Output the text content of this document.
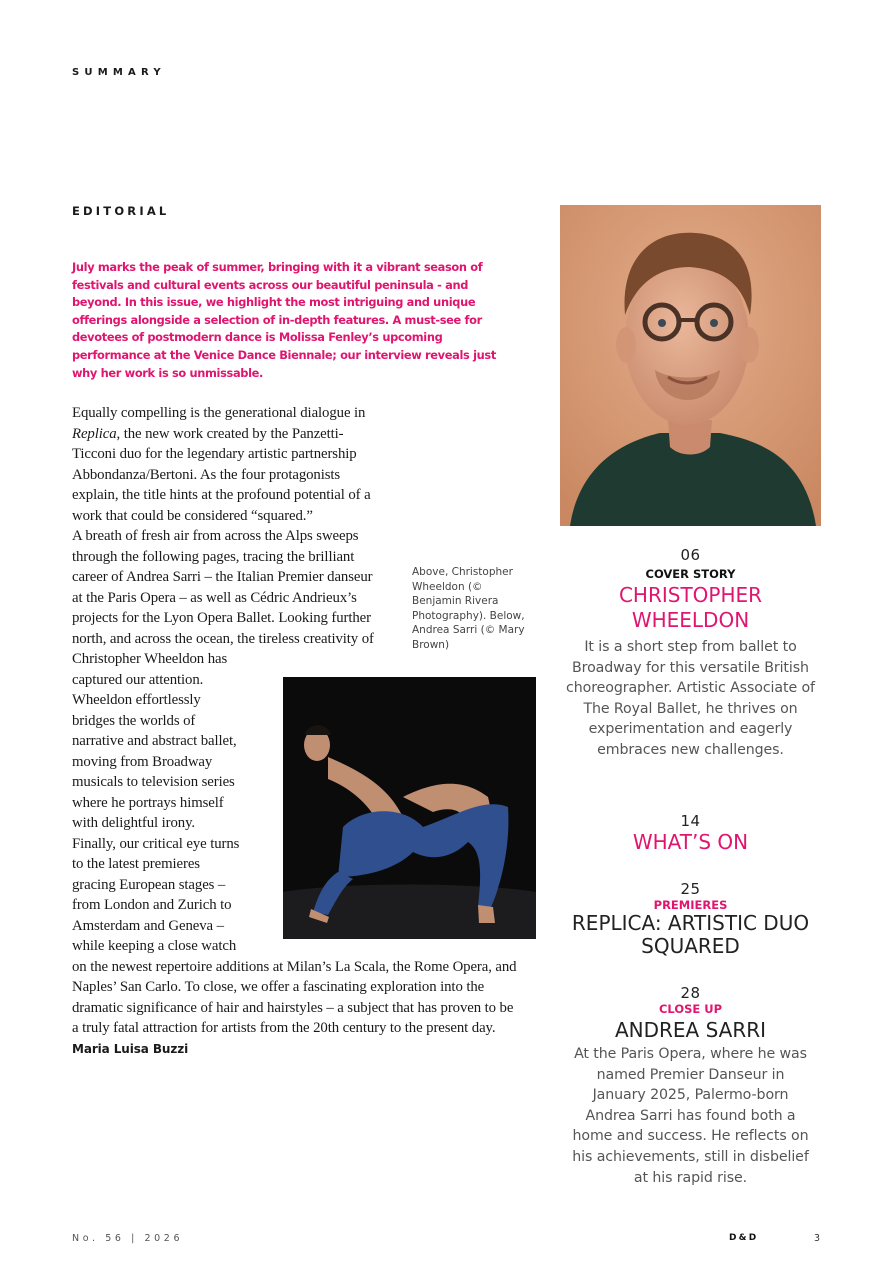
SUMMARY
EDITORIAL
July marks the peak of summer, bringing with it a vibrant season of festivals and cultural events across our beautiful peninsula - and beyond. In this issue, we highlight the most intriguing and unique offerings alongside a selection of in-depth features. A must-see for devotees of postmodern dance is Molissa Fenley’s upcoming performance at the Venice Dance Biennale; our interview reveals just why her work is so unmissable.

Equally compelling is the generational dialogue in Replica, the new work created by the Panzetti-Ticconi duo for the legendary artistic partnership Abbondanza/Bertoni. As the four protagonists explain, the title hints at the profound potential of a work that could be considered “squared.”

A breath of fresh air from across the Alps sweeps through the following pages, tracing the brilliant career of Andrea Sarri – the Italian Premier danseur at the Paris Opera – as well as Cédric Andrieux’s projects for the Lyon Opera Ballet. Looking further north, and across the ocean, the tireless creativity of Christopher Wheeldon has captured our attention.

Wheeldon effortlessly bridges the worlds of narrative and abstract ballet, moving from Broadway musicals to television series where he portrays himself with delightful irony.

Finally, our critical eye turns to the latest premieres gracing European stages – from London and Zurich to Amsterdam and Geneva – while keeping a close watch on the newest repertoire additions at Milan’s La Scala, the Rome Opera, and Naples’ San Carlo. To close, we offer a fascinating exploration into the dramatic significance of hair and hairstyles – a subject that has proven to be a truly fatal attraction for artists from the 20th century to the present day. Maria Luisa Buzzi

Above, Christopher Wheeldon (© Benjamin Rivera Photography). Below, Andrea Sarri (© Mary Brown)
06
COVER STORY
CHRISTOPHER
WHEELDON
It is a short step from ballet to Broadway for this versatile British choreographer. Artistic Associate of The Royal Ballet, he thrives on experimentation and eagerly embraces new challenges.
14
WHAT’S ON
25
PREMIERES
REPLICA: ARTISTIC DUO
SQUARED
28
CLOSE UP
ANDREA SARRI
At the Paris Opera, where he was named Premier Danseur in January 2025, Palermo-born Andrea Sarri has found both a home and success. He reflects on his achievements, still in disbelief at his rapid rise.
No. 56 | 2026	D&D	3
